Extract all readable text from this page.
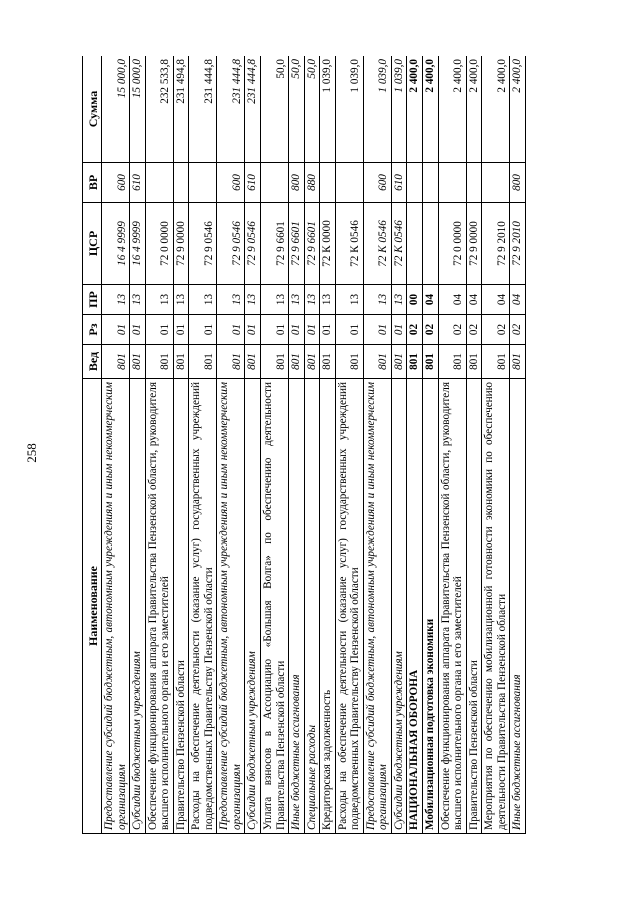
258
Наименование	Вед	Рз	ПР	ЦСР	ВР	Сумма
Предоставление субсидий бюджетным, автономным учреждениям и иным некоммерческим организациям	801	01	13	16 4 9999	600	15 000,0
Субсидии бюджетным учреждениям	801	01	13	16 4 9999	610	15 000,0
Обеспечение функционирования аппарата Правительства Пензенской области, руководителя высшего исполнительного органа и его заместителей	801	01	13	72 0 0000		232 533,8
Правительство Пензенской области	801	01	13	72 9 0000		231 494,8
Расходы на обеспечение деятельности (оказание услуг) государственных учреждений подведомственных Правительству Пензенской области	801	01	13	72 9 0546		231 444,8
Предоставление субсидий бюджетным, автономным учреждениям и иным некоммерческим организациям	801	01	13	72 9 0546	600	231 444,8
Субсидии бюджетным учреждениям	801	01	13	72 9 0546	610	231 444,8
Уплата взносов в Ассоциацию «Большая Волга» по обеспечению деятельности Правительства Пензенской области	801	01	13	72 9 6601		50,0
Иные бюджетные ассигнования	801	01	13	72 9 6601	800	50,0
Специальные расходы	801	01	13	72 9 6601	880	50,0
Кредиторская задолженность	801	01	13	72 К 0000		1 039,0
Расходы на обеспечение деятельности (оказание услуг) государственных учреждений подведомственных Правительству Пензенской области	801	01	13	72 К 0546		1 039,0
Предоставление субсидий бюджетным, автономным учреждениям и иным некоммерческим организациям	801	01	13	72 К 0546	600	1 039,0
Субсидии бюджетным учреждениям	801	01	13	72 К 0546	610	1 039,0
НАЦИОНАЛЬНАЯ ОБОРОНА	801	02	00			2 400,0
Мобилизационная подготовка экономики	801	02	04			2 400,0
Обеспечение функционирования аппарата Правительства Пензенской области, руководителя высшего исполнительного органа и его заместителей	801	02	04	72 0 0000		2 400,0
Правительство Пензенской области	801	02	04	72 9 0000		2 400,0
Мероприятия по обеспечению мобилизационной готовности экономики по обеспечению деятельности Правительства Пензенской области	801	02	04	72 9 2010		2 400,0
Иные бюджетные ассигнования	801	02	04	72 9 2010	800	2 400,0
